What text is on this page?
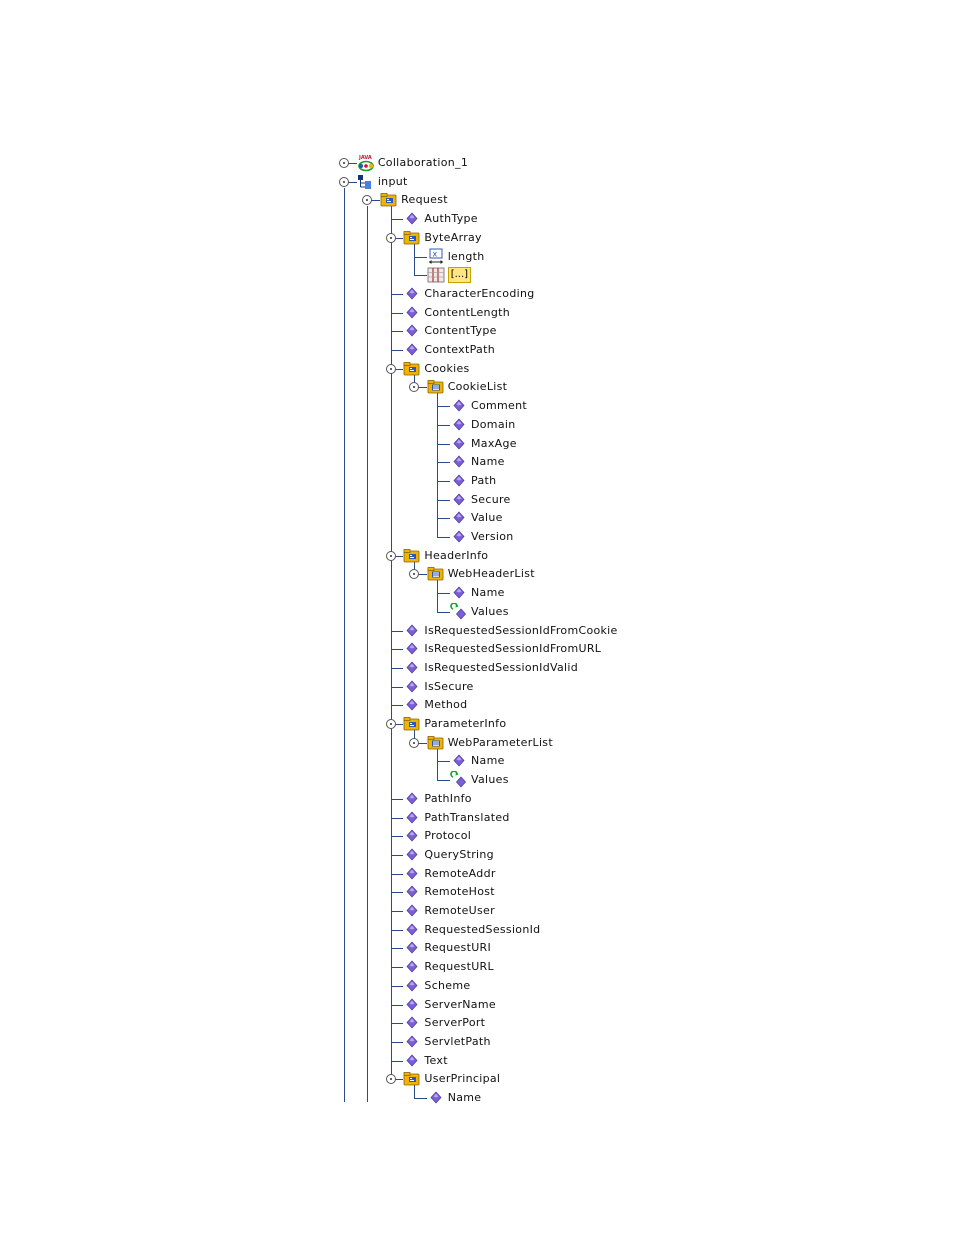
JAVA Collaboration_1
input
Request
AuthType
ByteArray
x length
[...]
CharacterEncoding
ContentLength
ContentType
ContextPath
Cookies
CookieList
Comment
Domain
MaxAge
Name
Path
Secure
Value
Version
HeaderInfo
WebHeaderList
Name
Values
IsRequestedSessionIdFromCookie
IsRequestedSessionIdFromURL
IsRequestedSessionIdValid
IsSecure
Method
ParameterInfo
WebParameterList
Name
Values
PathInfo
PathTranslated
Protocol
QueryString
RemoteAddr
RemoteHost
RemoteUser
RequestedSessionId
RequestURI
RequestURL
Scheme
ServerName
ServerPort
ServletPath
Text
UserPrincipal
Name
